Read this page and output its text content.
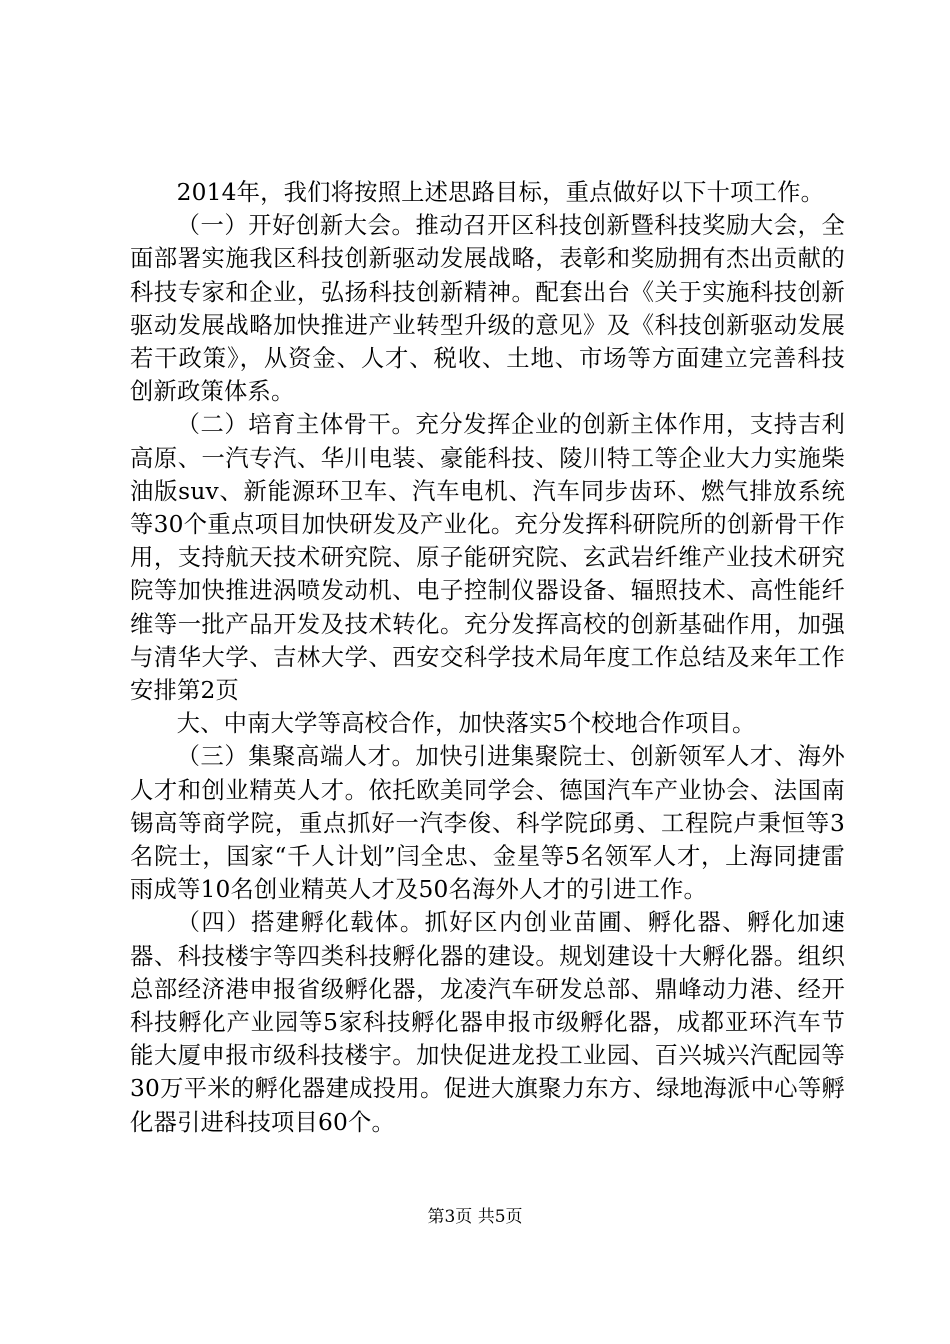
2014年，我们将按照上述思路目标，重点做好以下十项工作。

（一）开好创新大会。推动召开区科技创新暨科技奖励大会，全面部署实施我区科技创新驱动发展战略，表彰和奖励拥有杰出贡献的科技专家和企业，弘扬科技创新精神。配套出台《关于实施科技创新驱动发展战略加快推进产业转型升级的意见》及《科技创新驱动发展若干政策》，从资金、人才、税收、土地、市场等方面建立完善科技创新政策体系。

（二）培育主体骨干。充分发挥企业的创新主体作用，支持吉利高原、一汽专汽、华川电装、豪能科技、陵川特工等企业大力实施柴油版suv、新能源环卫车、汽车电机、汽车同步齿环、燃气排放系统等30个重点项目加快研发及产业化。充分发挥科研院所的创新骨干作用，支持航天技术研究院、原子能研究院、玄武岩纤维产业技术研究院等加快推进涡喷发动机、电子控制仪器设备、辐照技术、高性能纤维等一批产品开发及技术转化。充分发挥高校的创新基础作用，加强与清华大学、吉林大学、西安交科学技术局年度工作总结及来年工作安排第2页

大、中南大学等高校合作，加快落实5个校地合作项目。

（三）集聚高端人才。加快引进集聚院士、创新领军人才、海外人才和创业精英人才。依托欧美同学会、德国汽车产业协会、法国南锡高等商学院，重点抓好一汽李俊、科学院邱勇、工程院卢秉恒等3名院士，国家“千人计划”闫全忠、金星等5名领军人才，上海同捷雷雨成等10名创业精英人才及50名海外人才的引进工作。

（四）搭建孵化载体。抓好区内创业苗圃、孵化器、孵化加速器、科技楼宇等四类科技孵化器的建设。规划建设十大孵化器。组织总部经济港申报省级孵化器，龙凌汽车研发总部、鼎峰动力港、经开科技孵化产业园等5家科技孵化器申报市级孵化器，成都亚环汽车节能大厦申报市级科技楼宇。加快促进龙投工业园、百兴城兴汽配园等30万平米的孵化器建成投用。促进大旗聚力东方、绿地海派中心等孵化器引进科技项目60个。

第3页 共5页
